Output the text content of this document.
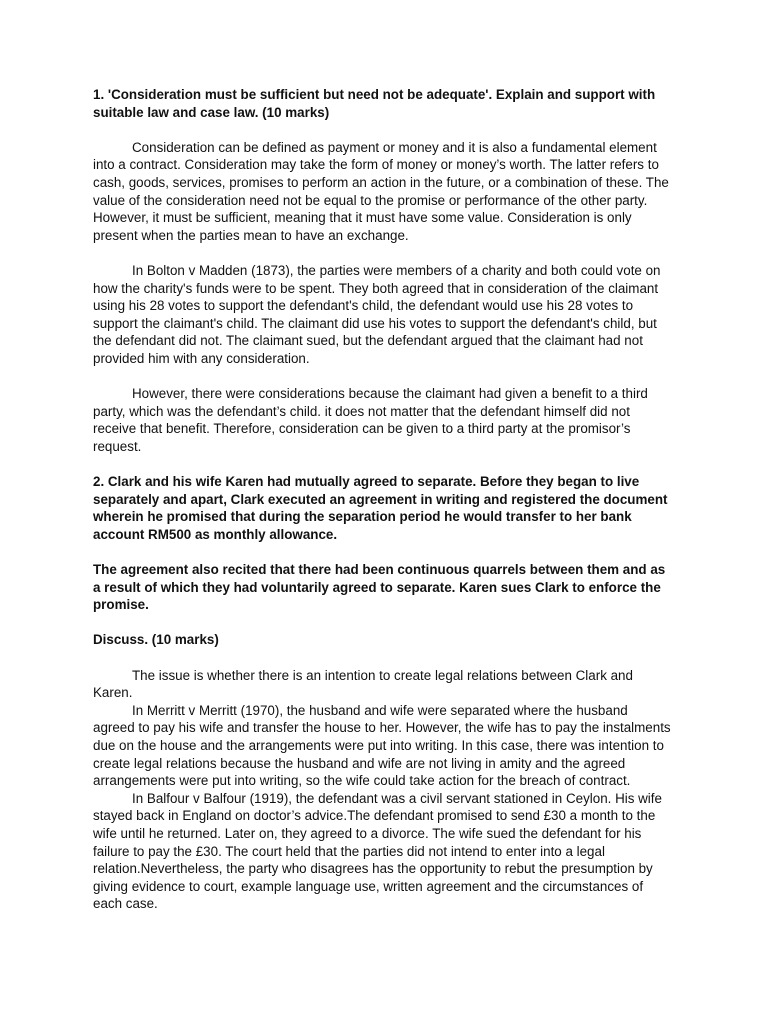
1. 'Consideration must be sufficient but need not be adequate'. Explain and support with suitable law and case law. (10 marks)

Consideration can be defined as payment or money and it is also a fundamental element into a contract. Consideration may take the form of money or money’s worth. The latter refers to cash, goods, services, promises to perform an action in the future, or a combination of these. The value of the consideration need not be equal to the promise or performance of the other party. However, it must be sufficient, meaning that it must have some value. Consideration is only present when the parties mean to have an exchange.

In Bolton v Madden (1873), the parties were members of a charity and both could vote on how the charity's funds were to be spent. They both agreed that in consideration of the claimant using his 28 votes to support the defendant's child, the defendant would use his 28 votes to support the claimant's child. The claimant did use his votes to support the defendant's child, but the defendant did not. The claimant sued, but the defendant argued that the claimant had not provided him with any consideration.

However, there were considerations because the claimant had given a benefit to a third party, which was the defendant’s child. it does not matter that the defendant himself did not receive that benefit. Therefore, consideration can be given to a third party at the promisor’s request.

2. Clark and his wife Karen had mutually agreed to separate. Before they began to live separately and apart, Clark executed an agreement in writing and registered the document wherein he promised that during the separation period he would transfer to her bank account RM500 as monthly allowance.

The agreement also recited that there had been continuous quarrels between them and as a result of which they had voluntarily agreed to separate. Karen sues Clark to enforce the promise.

Discuss. (10 marks)

The issue is whether there is an intention to create legal relations between Clark and Karen.

In Merritt v Merritt (1970), the husband and wife were separated where the husband agreed to pay his wife and transfer the house to her. However, the wife has to pay the instalments due on the house and the arrangements were put into writing. In this case, there was intention to create legal relations because the husband and wife are not living in amity and the agreed arrangements were put into writing, so the wife could take action for the breach of contract.

In Balfour v Balfour (1919), the defendant was a civil servant stationed in Ceylon. His wife stayed back in England on doctor’s advice.The defendant promised to send £30 a month to the wife until he returned. Later on, they agreed to a divorce. The wife sued the defendant for his failure to pay the £30. The court held that the parties did not intend to enter into a legal relation.Nevertheless, the party who disagrees has the opportunity to rebut the presumption by giving evidence to court, example language use, written agreement and the circumstances of each case.
